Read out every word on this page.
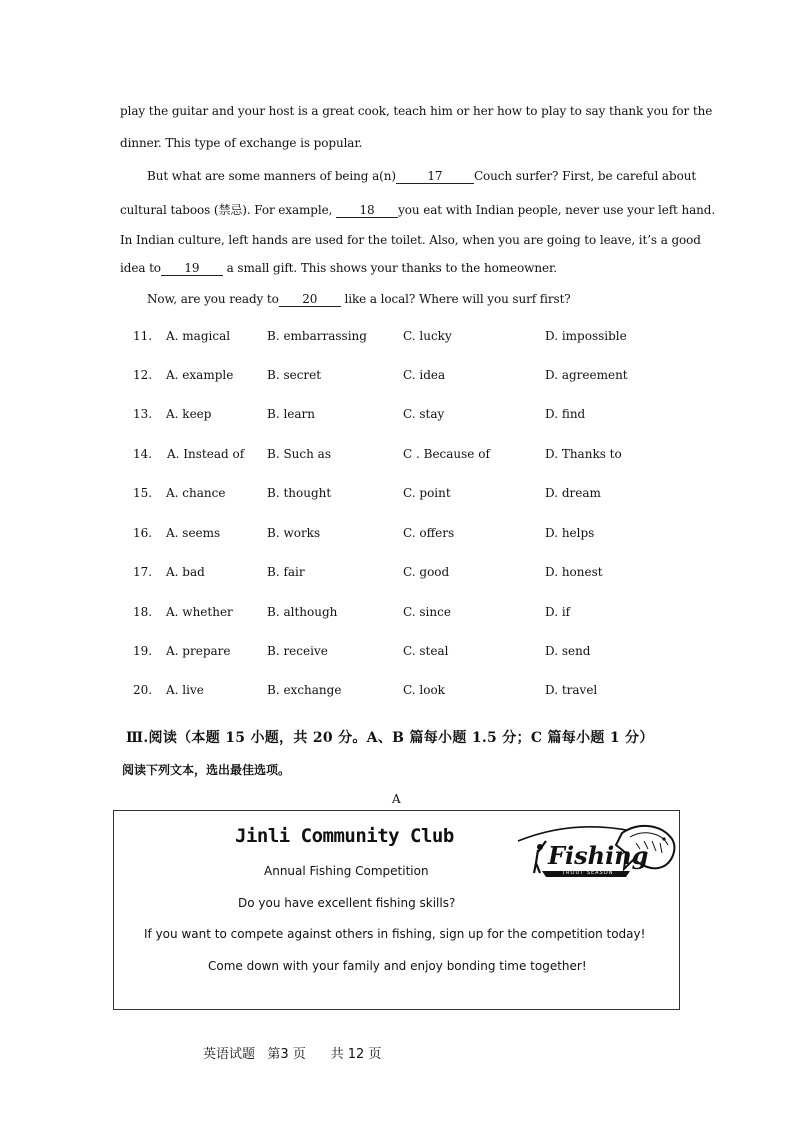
play the guitar and your host is a great cook, teach him or her how to play to say thank you for the
dinner. This type of exchange is popular.
But what are some manners of being a(n)	17	Couch surfer? First, be careful about
cultural taboos (禁忌). For example, 18 you eat with Indian people, never use your left hand.
In Indian culture, left hands are used for the toilet. Also, when you are going to leave, it’s a good
idea to 19 a small gift. This shows your thanks to the homeowner.
Now, are you ready to 20 like a local? Where will you surf first?
11. A. magical	B. embarrassing	C. lucky	D. impossible
12. A. example	B. secret	C. idea	D. agreement
13. A. keep	B. learn	C. stay	D. find
14. A. Instead of B. Such as	C . Because of	D. Thanks to
15. A. chance	B. thought	C. point	D. dream
16. A. seems	B. works	C. offers	D. helps
17. A. bad	B. fair	C. good	D. honest
18. A. whether	B. although	C. since	D. if
19. A. prepare	B. receive	C. steal	D. send
20. A. live	B. exchange	C. look	D. travel
Ⅲ.阅读（本题 15 小题，共 20 分。A、B 篇每小题 1.5 分；C 篇每小题 1 分）
阅读下列文本，选出最佳选项。
A
Jinli Community Club
Annual Fishing Competition
Do you have excellent fishing skills?
If you want to compete against others in fishing, sign up for the competition today!
Come down with your family and enjoy bonding time together!
Fishing
TROUT SEASON
英语试题 第3 页 共 12 页
